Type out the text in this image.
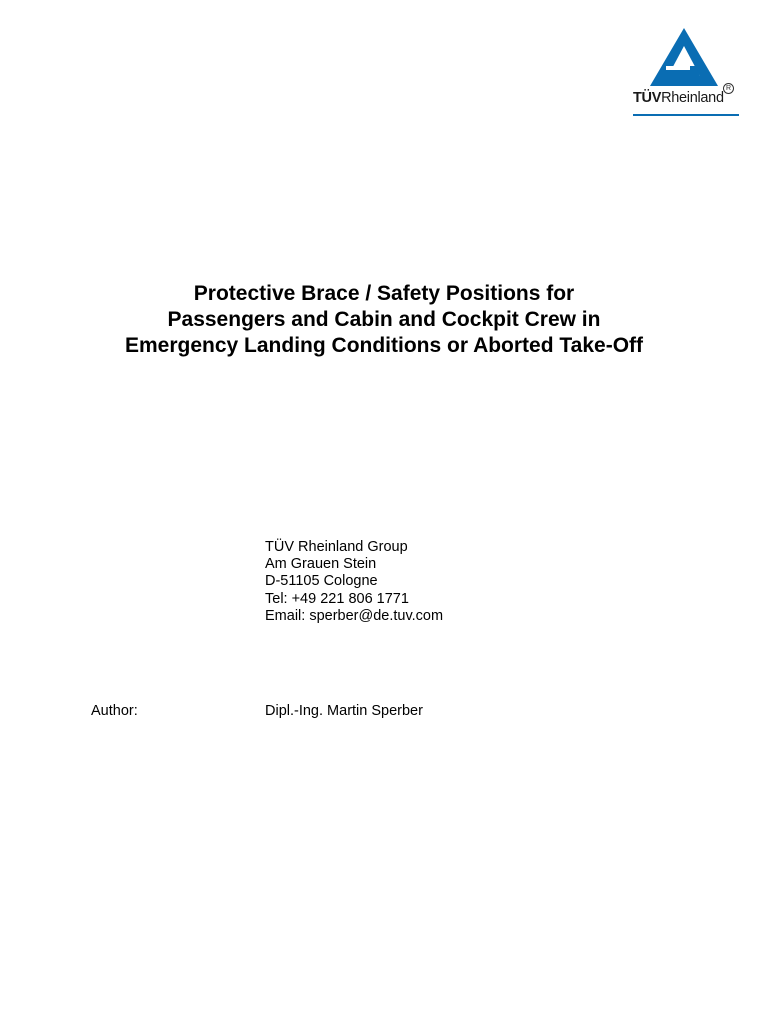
R
TÜVRheinland
Protective Brace / Safety Positions for
Passengers and Cabin and Cockpit Crew in
Emergency Landing Conditions or Aborted Take-Off
TÜV Rheinland Group
Am Grauen Stein
D-51105 Cologne
Tel: +49 221 806 1771
Email: sperber@de.tuv.com
Author:	Dipl.-Ing. Martin Sperber
